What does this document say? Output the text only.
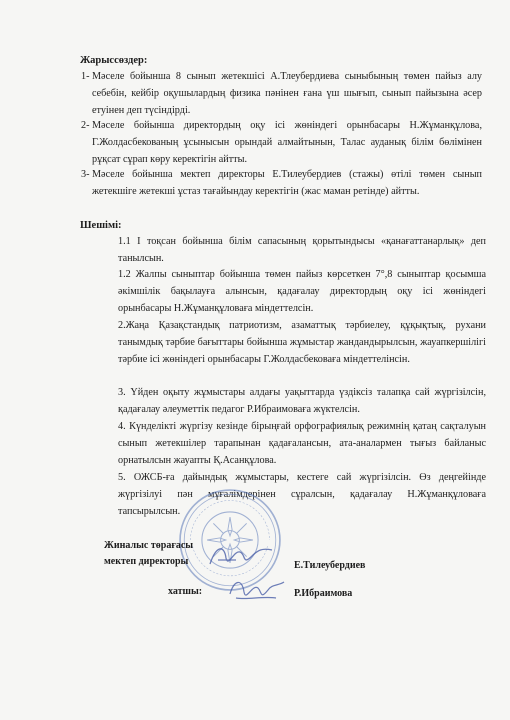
Жарыссөздер:
1- Мәселе бойынша 8 сынып жетекшісі А.Тлеубердиева сыныбының төмен пайыз алу себебін, кейбір оқушылардың физика пәнінен ғана үш шығып, сынып пайызына әсер етуінен деп түсіндірді.
2- Мәселе бойынша директордың оқу ісі жөніндегі орынбасары Н.Жұманқұлова, Г.Жолдасбекованың ұсынысын орындай алмайтынын, Талас ауданық білім бөлімінен рұқсат сұрап көру керектігін айтты.
3- Мәселе бойынша мектеп директоры Е.Тилеубердиев (стажы) өтілі төмен сынып жетекшіге жетекші ұстаз тағайындау керектігін (жас маман ретінде) айтты.
Шешімі:
1.1 I тоқсан бойынша білім сапасының қорытындысы «қанағаттанарлық» деп танылсын.
1.2 Жалпы сыныптар бойынша төмен пайыз көрсеткен 7°,8 сыныптар қосымша әкімшілік бақылауға алынсын, қадағалау директордың оқу ісі жөніндегі орынбасары Н.Жұманқұловаға міндеттелсін.
2.Жаңа Қазақстандық патриотизм, азаматтық тәрбиелеу, құқықтық, рухани танымдық тәрбие бағыттары бойынша жұмыстар жандандырылсын, жауапкершілігі тәрбие ісі жөніндегі орынбасары Г.Жолдасбековаға міндеттелінсін.
3. Үйден оқыту жұмыстары алдағы уақыттарда үздіксіз талапқа сай жүргізілсін, қадағалау әлеуметтік педагог Р.Ибраимоваға жүктелсін.
4. Күнделікті жүргізу кезінде бірыңғай орфографиялық режимнің қатаң сақталуын сынып жетекшілер тарапынан қадағалансын, ата-аналармен тығыз байланыс орнатылсын жауапты Қ.Асанқұлова.
5. ОЖСБ-ға дайындық жұмыстары, кестеге сай жүргізілсін. Өз деңгейінде жүргізілуі пән мұғалімдерінен сұралсын, қадағалау Н.Жұманқұловаға тапсырылсын.
Жиналыс төрағасы
мектеп директоры	Е.Тилеубердиев
хатшы:	Р.Ибраимова
